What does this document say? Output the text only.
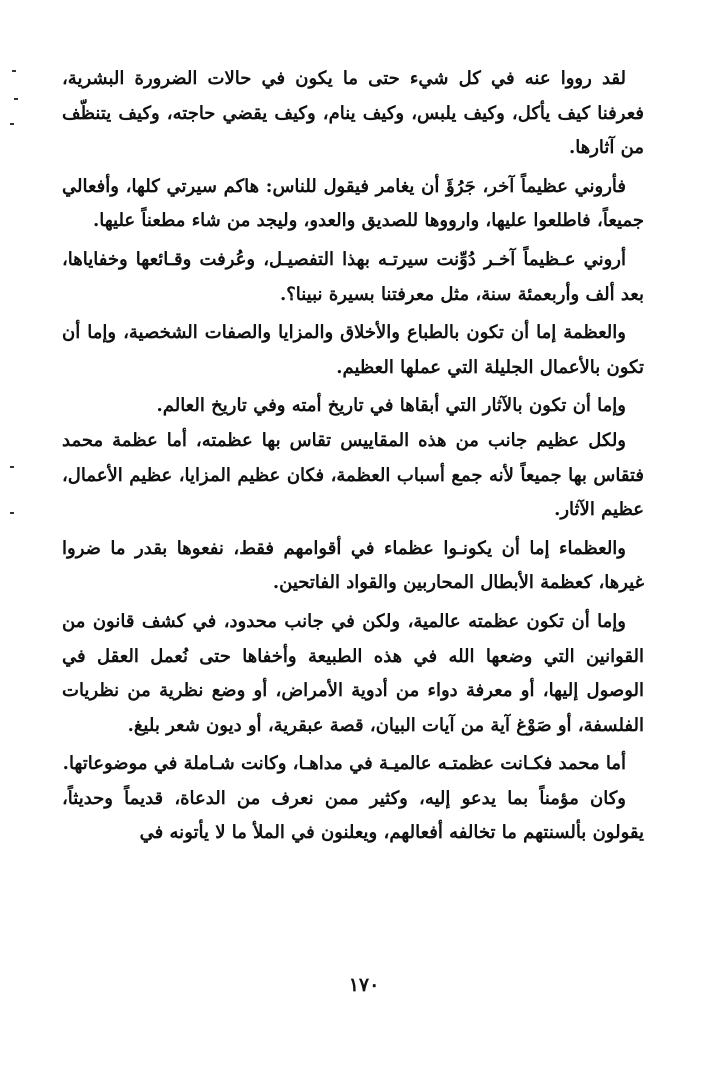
لقد رووا عنه في كل شيء حتى ما يكون في حالات الضرورة البشرية، فعرفنا كيف يأكل، وكيف يلبس، وكيف ينام، وكيف يقضي حاجته، وكيف يتنظّف من آثارها.

فأروني عظيماً آخر، جَرُؤَ أن يغامر فيقول للناس: هاكم سيرتي كلها، وأفعالي جميعاً، فاطلعوا عليها، وارووها للصديق والعدو، وليجد من شاء مطعناً عليها.

أروني عـظيماً آخـر دُوِّنت سيرتـه بهذا التفصيـل، وعُرفت وقـائعها وخفاياها، بعد ألف وأربعمئة سنة، مثل معرفتنا بسيرة نبينا؟.

والعظمة إما أن تكون بالطباع والأخلاق والمزايا والصفات الشخصية، وإما أن تكون بالأعمال الجليلة التي عملها العظيم.

وإما أن تكون بالآثار التي أبقاها في تاريخ أمته وفي تاريخ العالم.

ولكل عظيم جانب من هذه المقاييس تقاس بها عظمته، أما عظمة محمد فتقاس بها جميعاً لأنه جمع أسباب العظمة، فكان عظيم المزايا، عظيم الأعمال، عظيم الآثار.

والعظماء إما أن يكونـوا عظماء في أقوامهم فقط، نفعوها بقدر ما ضروا غيرها، كعظمة الأبطال المحاربين والقواد الفاتحين.

وإما أن تكون عظمته عالمية، ولكن في جانب محدود، في كشف قانون من القوانين التي وضعها الله في هذه الطبيعة وأخفاها حتى نُعمل العقل في الوصول إليها، أو معرفة دواء من أدوية الأمراض، أو وضع نظرية من نظريات الفلسفة، أو صَوْغ آية من آيات البيان، قصة عبقرية، أو ديون شعر بليغ.

أما محمد فكـانت عظمتـه عالميـة في مداهـا، وكانت شـاملة في موضوعاتها.

وكان مؤمناً بما يدعو إليه، وكثير ممن نعرف من الدعاة، قديماً وحديثاً، يقولون بألسنتهم ما تخالفه أفعالهم، ويعلنون في الملأ ما لا يأتونه في

١٧٠
